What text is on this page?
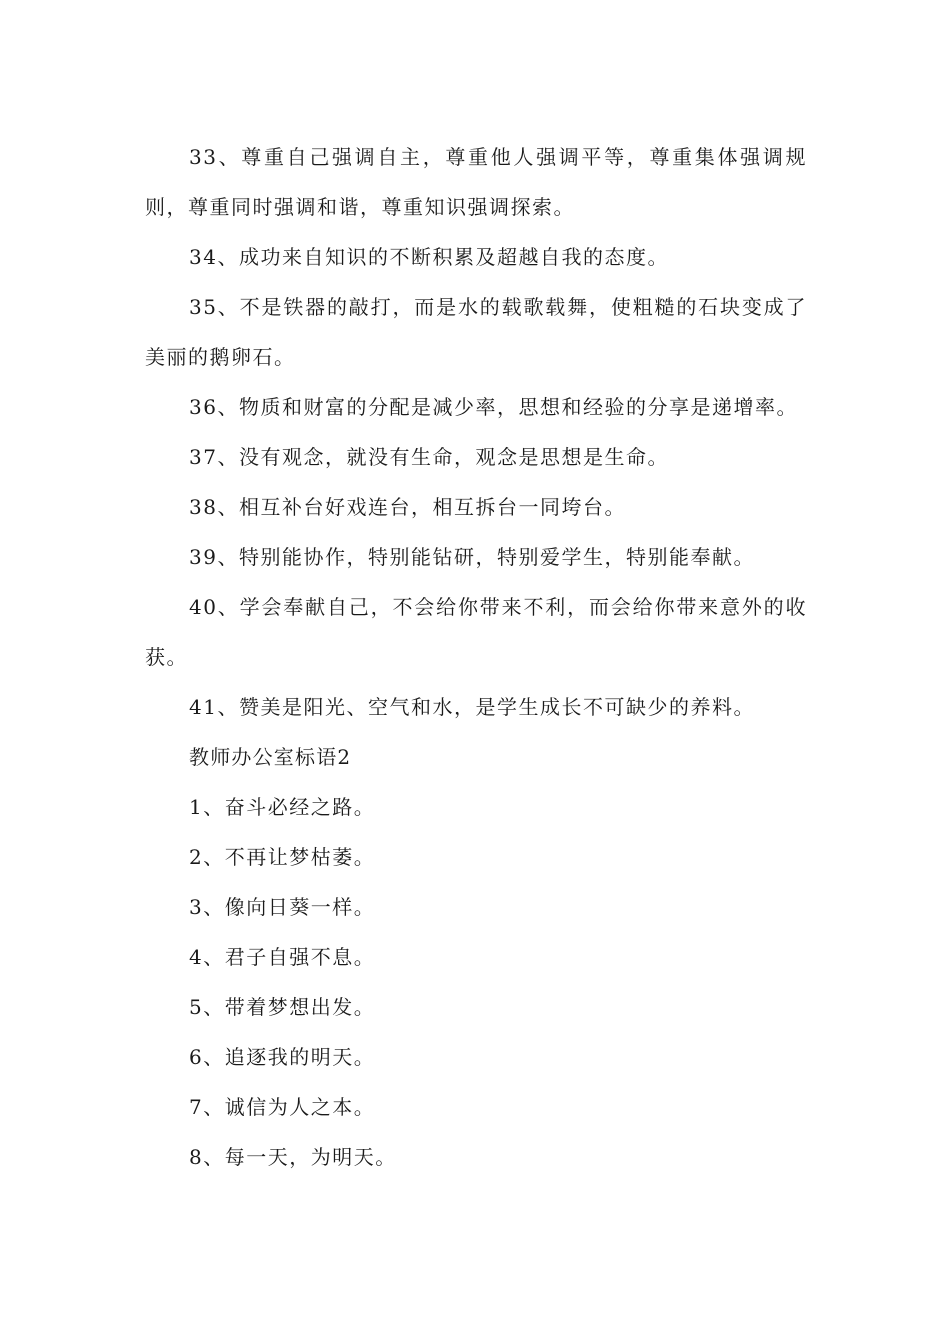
33、尊重自己强调自主，尊重他人强调平等，尊重集体强调规则，尊重同时强调和谐，尊重知识强调探索。

34、成功来自知识的不断积累及超越自我的态度。

35、不是铁器的敲打，而是水的载歌载舞，使粗糙的石块变成了美丽的鹅卵石。

36、物质和财富的分配是减少率，思想和经验的分享是递增率。

37、没有观念，就没有生命，观念是思想是生命。

38、相互补台好戏连台，相互拆台一同垮台。

39、特别能协作，特别能钻研，特别爱学生，特别能奉献。

40、学会奉献自己，不会给你带来不利，而会给你带来意外的收获。

41、赞美是阳光、空气和水，是学生成长不可缺少的养料。

教师办公室标语2

1、奋斗必经之路。

2、不再让梦枯萎。

3、像向日葵一样。

4、君子自强不息。

5、带着梦想出发。

6、追逐我的明天。

7、诚信为人之本。

8、每一天，为明天。
